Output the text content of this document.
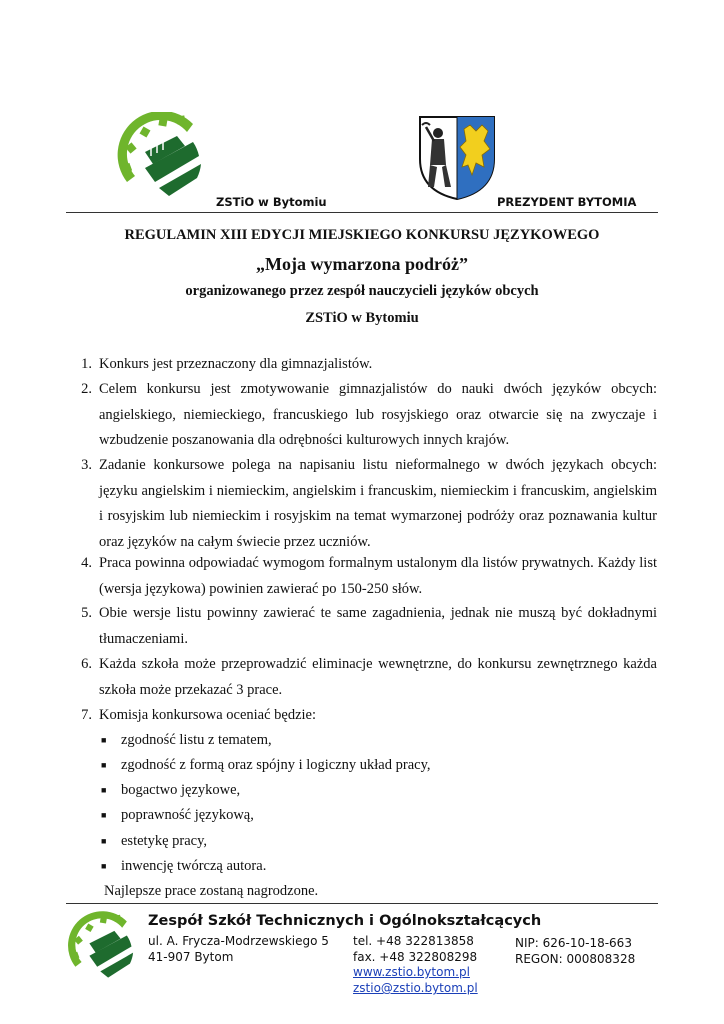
ZSTiO w Bytomiu	PREZYDENT BYTOMIA
REGULAMIN XIII EDYCJI MIEJSKIEGO KONKURSU JĘZYKOWEGO
„Moja wymarzona podróż”
organizowanego przez zespół nauczycieli języków obcych
ZSTiO w Bytomiu
1. Konkurs jest przeznaczony dla gimnazjalistów.
2. Celem konkursu jest zmotywowanie gimnazjalistów do nauki dwóch języków obcych: angielskiego, niemieckiego, francuskiego lub rosyjskiego oraz otwarcie się na zwyczaje i wzbudzenie poszanowania dla odrębności kulturowych innych krajów.
3. Zadanie konkursowe polega na napisaniu listu nieformalnego w dwóch językach obcych: języku angielskim i niemieckim, angielskim i francuskim, niemieckim i francuskim, angielskim i rosyjskim lub niemieckim i rosyjskim na temat wymarzonej podróży oraz poznawania kultur oraz języków na całym świecie przez uczniów.
4. Praca powinna odpowiadać wymogom formalnym ustalonym dla listów prywatnych. Każdy list (wersja językowa) powinien zawierać po 150-250 słów.
5. Obie wersje listu powinny zawierać te same zagadnienia, jednak nie muszą być dokładnymi tłumaczeniami.
6. Każda szkoła może przeprowadzić eliminacje wewnętrzne, do konkursu zewnętrznego każda szkoła może przekazać 3 prace.
7. Komisja konkursowa oceniać będzie:
■ zgodność listu z tematem,
■ zgodność z formą oraz spójny i logiczny układ pracy,
■ bogactwo językowe,
■ poprawność językową,
■ estetykę pracy,
■ inwencję twórczą autora.
Najlepsze prace zostaną nagrodzone.
Zespół Szkół Technicznych i Ogólnokształcących
ul. A. Frycza-Modrzewskiego 5
41-907 Bytom
tel. +48 322813858
fax. +48 322808298
www.zstio.bytom.pl
zstio@zstio.bytom.pl
NIP: 626-10-18-663
REGON: 000808328
